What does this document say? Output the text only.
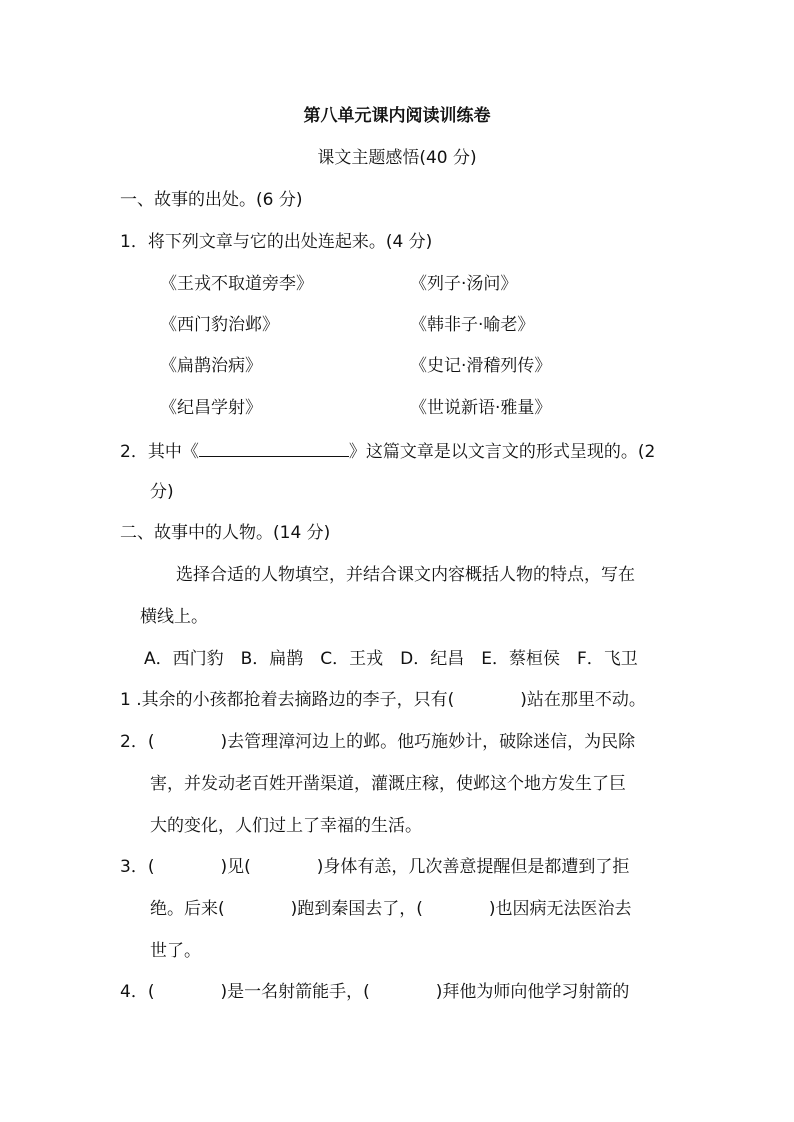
第八单元课内阅读训练卷
课文主题感悟(40 分)
一、故事的出处。(6 分)
1．将下列文章与它的出处连起来。(4 分)
《王戎不取道旁李》	《列子·汤问》
《西门豹治邺》	《韩非子·喻老》
《扁鹊治病》	《史记·滑稽列传》
《纪昌学射》	《世说新语·雅量》
2．其中《	》这篇文章是以文言文的形式呈现的。(2
分)
二、故事中的人物。(14 分)
选择合适的人物填空，并结合课文内容概括人物的特点，写在
横线上。
A．西门豹　B．扁鹊　C．王戎　D．纪昌　E．蔡桓侯　F．飞卫
1 .其余的小孩都抢着去摘路边的李子，只有(	)站在那里不动。
2．(	)去管理漳河边上的邺。他巧施妙计，破除迷信，为民除
害，并发动老百姓开凿渠道，灌溉庄稼，使邺这个地方发生了巨
大的变化，人们过上了幸福的生活。
3．(	)见(	)身体有恙，几次善意提醒但是都遭到了拒
绝。后来(	)跑到秦国去了，(	)也因病无法医治去
世了。
4．(	)是一名射箭能手，(	)拜他为师向他学习射箭的
